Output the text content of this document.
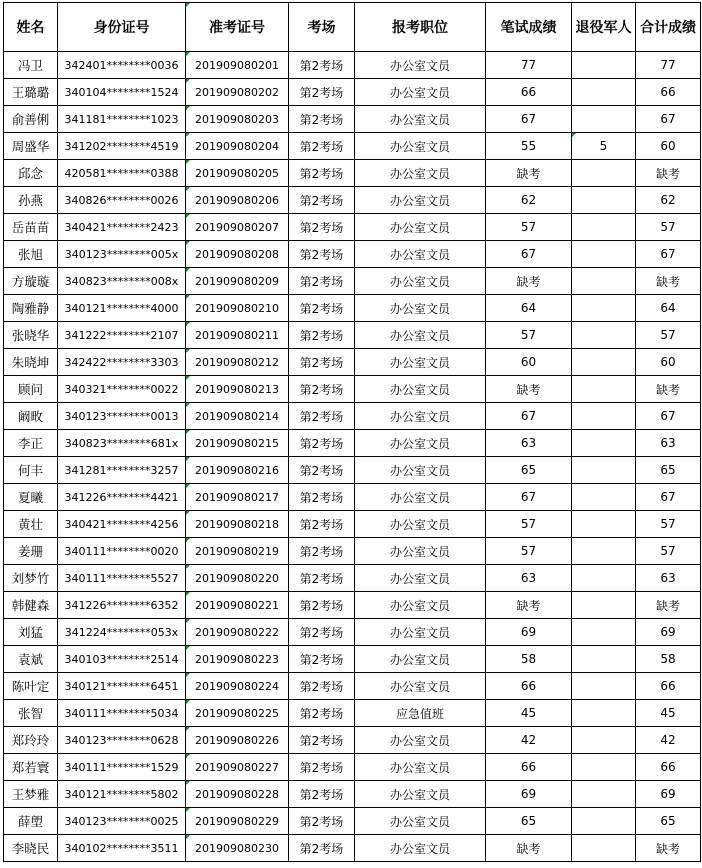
姓名	身份证号	准考证号	考场	报考职位	笔试成绩	退役军人	合计成绩
冯卫	342401********0036	201909080201	第2考场	办公室文员	77		77
王璐璐	340104********1524	201909080202	第2考场	办公室文员	66		66
俞善俐	341181********1023	201909080203	第2考场	办公室文员	67		67
周盛华	341202********4519	201909080204	第2考场	办公室文员	55	5	60
邱念	420581********0388	201909080205	第2考场	办公室文员	缺考		缺考
孙燕	340826********0026	201909080206	第2考场	办公室文员	62		62
岳苗苗	340421********2423	201909080207	第2考场	办公室文员	57		57
张旭	340123********005x	201909080208	第2考场	办公室文员	67		67
方璇璇	340823********008x	201909080209	第2考场	办公室文员	缺考		缺考
陶雅静	340121********4000	201909080210	第2考场	办公室文员	64		64
张晓华	341222********2107	201909080211	第2考场	办公室文员	57		57
朱晓坤	342422********3303	201909080212	第2考场	办公室文员	60		60
顾问	340321********0022	201909080213	第2考场	办公室文员	缺考		缺考
阚畋	340123********0013	201909080214	第2考场	办公室文员	67		67
李正	340823********681x	201909080215	第2考场	办公室文员	63		63
何丰	341281********3257	201909080216	第2考场	办公室文员	65		65
夏曦	341226********4421	201909080217	第2考场	办公室文员	67		67
黄壮	340421********4256	201909080218	第2考场	办公室文员	57		57
姜珊	340111********0020	201909080219	第2考场	办公室文员	57		57
刘梦竹	340111********5527	201909080220	第2考场	办公室文员	63		63
韩健森	341226********6352	201909080221	第2考场	办公室文员	缺考		缺考
刘猛	341224********053x	201909080222	第2考场	办公室文员	69		69
袁斌	340103********2514	201909080223	第2考场	办公室文员	58		58
陈叶定	340121********6451	201909080224	第2考场	办公室文员	66		66
张智	340111********5034	201909080225	第2考场	应急值班	45		45
郑玲玲	340123********0628	201909080226	第2考场	办公室文员	42		42
郑若寰	340111********1529	201909080227	第2考场	办公室文员	66		66
王梦雅	340121********5802	201909080228	第2考场	办公室文员	69		69
薛塱	340123********0025	201909080229	第2考场	办公室文员	65		65
李晓民	340102********3511	201909080230	第2考场	办公室文员	缺考		缺考
